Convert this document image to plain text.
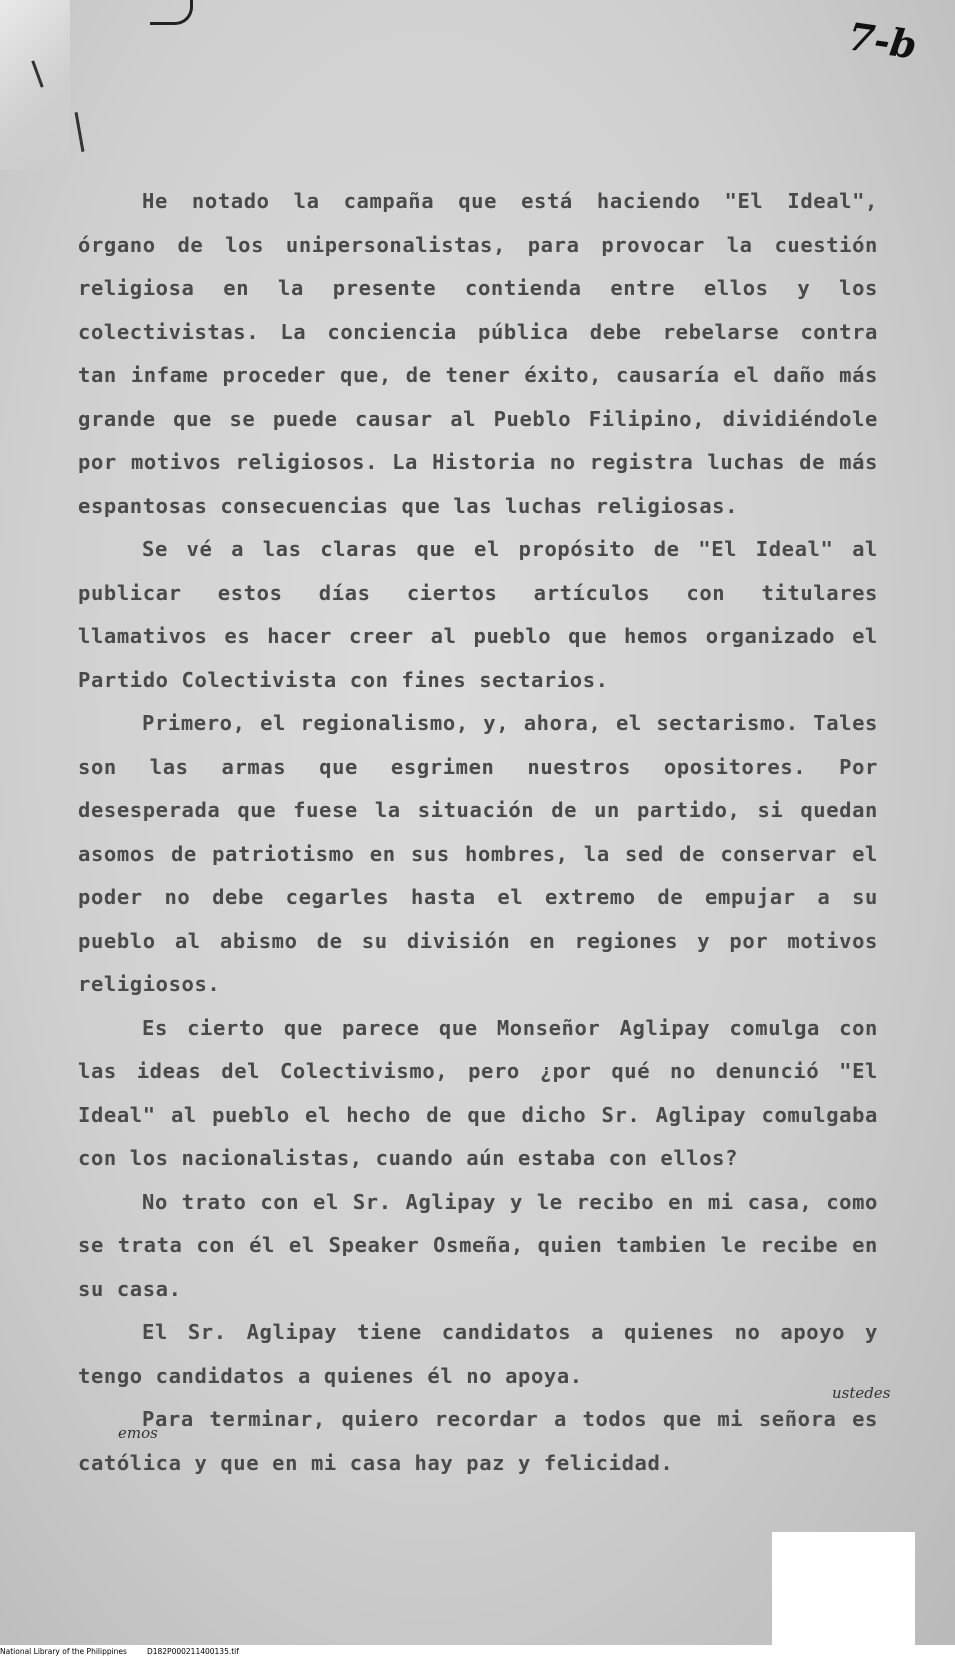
7-b

He notado la campaña que está haciendo "El Ideal", órgano de los unipersonalistas, para provocar la cuestión religiosa en la presente contienda entre ellos y los colectivistas. La conciencia pública debe rebelarse contra tan infame proceder que, de tener éxito, causaría el daño más grande que se puede causar al Pueblo Filipino, dividiéndole por motivos religiosos. La Historia no registra luchas de más espantosas consecuencias que las luchas religiosas.

Se vé a las claras que el propósito de "El Ideal" al publicar estos días ciertos artículos con titulares llamativos es hacer creer al pueblo que hemos organizado el Partido Colectivista con fines sectarios.

Primero, el regionalismo, y, ahora, el sectarismo. Tales son las armas que esgrimen nuestros opositores. Por desesperada que fuese la situación de un partido, si quedan asomos de patriotismo en sus hombres, la sed de conservar el poder no debe cegarles hasta el extremo de empujar a su pueblo al abismo de su división en regiones y por motivos religiosos.

Es cierto que parece que Monseñor Aglipay comulga con las ideas del Colectivismo, pero ¿por qué no denunció "El Ideal" al pueblo el hecho de que dicho Sr. Aglipay comulgaba con los nacionalistas, cuando aún estaba con ellos?

No trato con el Sr. Aglipay y le recibo en mi casa, como se trata con él el Speaker Osmeña, quien tambien le recibe en su casa.

El Sr. Aglipay tiene candidatos a quienes no apoyo y tengo candidatos a quienes él no apoya.

Para terminar, quiero recordar a todos que mi señora es católica y que en mi casa hay paz y felicidad.

ustedes
emos
National Library of the Philippines	D182P000211400135.tif
